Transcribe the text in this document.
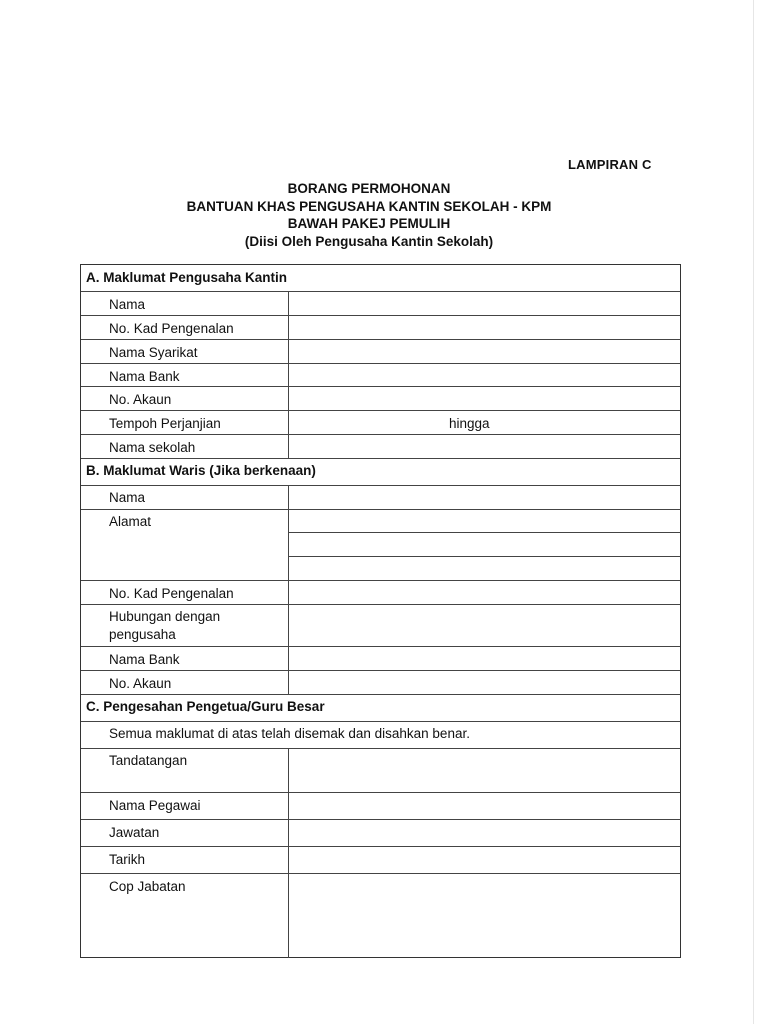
LAMPIRAN C
BORANG PERMOHONAN
BANTUAN KHAS PENGUSAHA KANTIN SEKOLAH - KPM
BAWAH PAKEJ PEMULIH
(Diisi Oleh Pengusaha Kantin Sekolah)
A. Maklumat Pengusaha Kantin
Nama
No. Kad Pengenalan
Nama Syarikat
Nama Bank
No. Akaun
Tempoh Perjanjian	hingga
Nama sekolah
B. Maklumat Waris (Jika berkenaan)
Nama
Alamat
No. Kad Pengenalan
Hubungan dengan pengusaha
Nama Bank
No. Akaun
C. Pengesahan Pengetua/Guru Besar
Semua maklumat di atas telah disemak dan disahkan benar.
Tandatangan
Nama Pegawai
Jawatan
Tarikh
Cop Jabatan
